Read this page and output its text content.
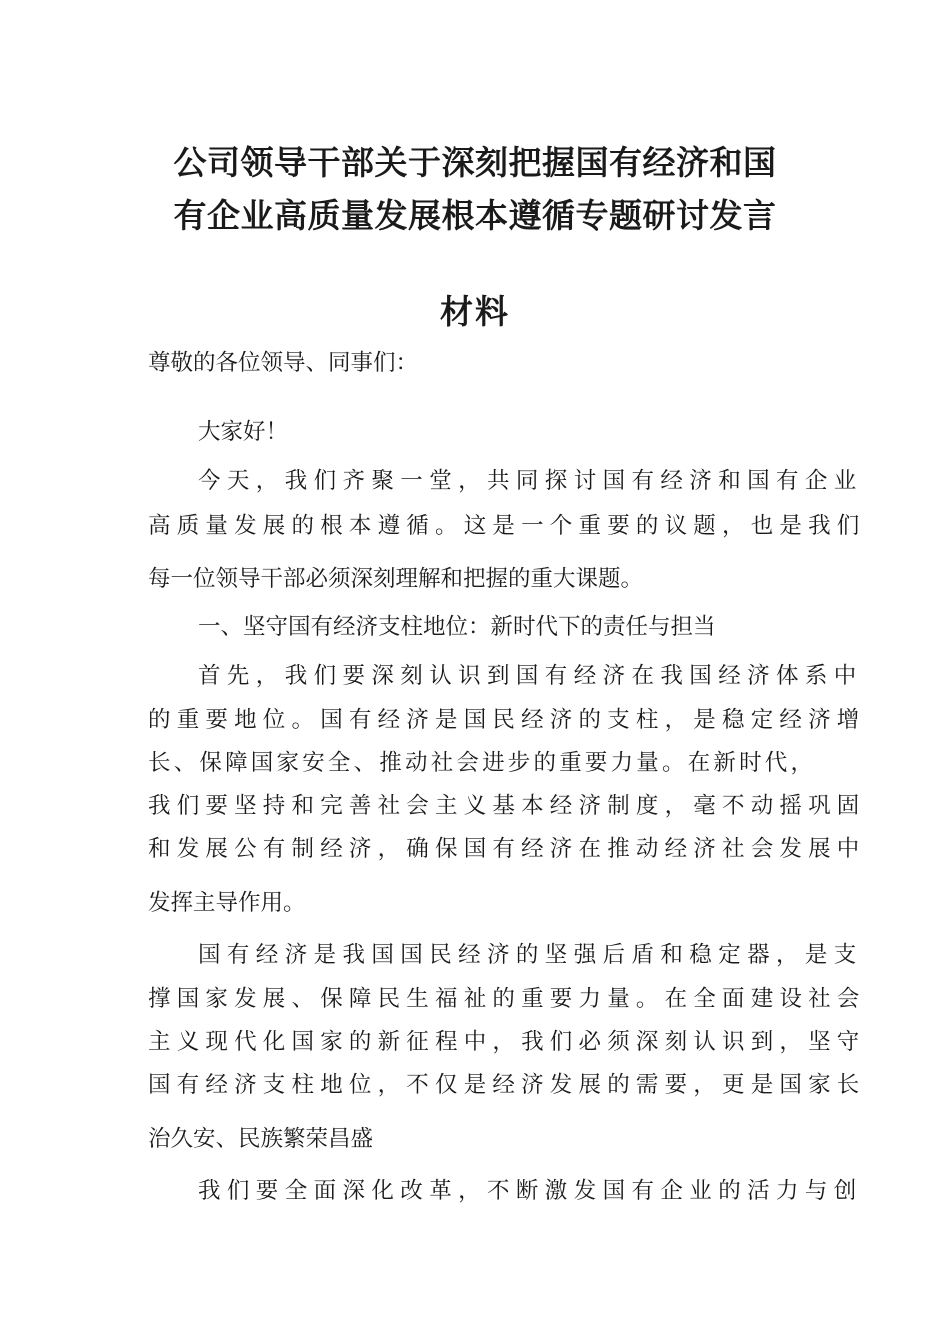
公司领导干部关于深刻把握国有经济和国
有企业高质量发展根本遵循专题研讨发言
材料
尊敬的各位领导、同事们：
大家好！
今天，我们齐聚一堂，共同探讨国有经济和国有企业
高质量发展的根本遵循。这是一个重要的议题，也是我们
每一位领导干部必须深刻理解和把握的重大课题。
一、坚守国有经济支柱地位：新时代下的责任与担当
首先，我们要深刻认识到国有经济在我国经济体系中
的重要地位。国有经济是国民经济的支柱，是稳定经济增
长、保障国家安全、推动社会进步的重要力量。在新时代，
我们要坚持和完善社会主义基本经济制度，毫不动摇巩固
和发展公有制经济，确保国有经济在推动经济社会发展中
发挥主导作用。
国有经济是我国国民经济的坚强后盾和稳定器，是支
撑国家发展、保障民生福祉的重要力量。在全面建设社会
主义现代化国家的新征程中，我们必须深刻认识到，坚守
国有经济支柱地位，不仅是经济发展的需要，更是国家长
治久安、民族繁荣昌盛
我们要全面深化改革，不断激发国有企业的活力与创
